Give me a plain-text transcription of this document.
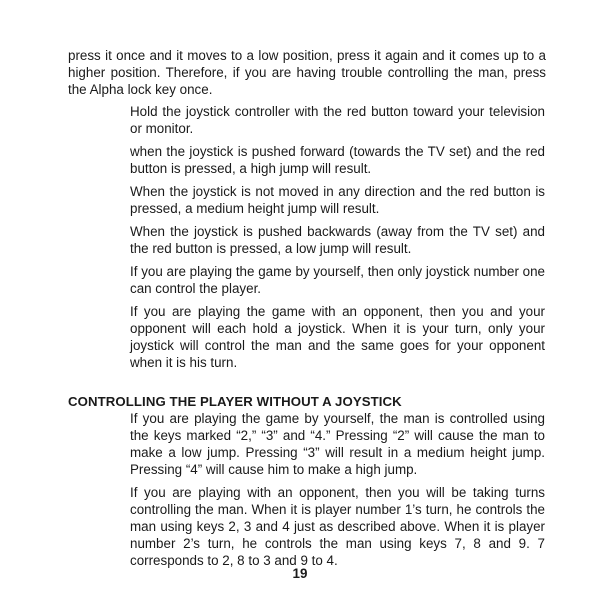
press it once and it moves to a low position, press it again and it comes up to a higher position. Therefore, if you are having trouble controlling the man, press the Alpha lock key once.

Hold the joystick controller with the red button toward your television or monitor.

when the joystick is pushed forward (towards the TV set) and the red button is pressed, a high jump will result.

When the joystick is not moved in any direction and the red button is pressed, a medium height jump will result.

When the joystick is pushed backwards (away from the TV set) and the red button is pressed, a low jump will result.

If you are playing the game by yourself, then only joystick number one can control the player.

If you are playing the game with an opponent, then you and your opponent will each hold a joystick. When it is your turn, only your joystick will control the man and the same goes for your opponent when it is his turn.

CONTROLLING THE PLAYER WITHOUT A JOYSTICK

If you are playing the game by yourself, the man is controlled using the keys marked “2,” “3” and “4.” Pressing “2” will cause the man to make a low jump. Pressing “3” will result in a medium height jump. Pressing “4” will cause him to make a high jump.

If you are playing with an opponent, then you will be taking turns controlling the man. When it is player number 1’s turn, he controls the man using keys 2, 3 and 4 just as described above. When it is player number 2’s turn, he controls the man using keys 7, 8 and 9. 7 corresponds to 2, 8 to 3 and 9 to 4.

19
